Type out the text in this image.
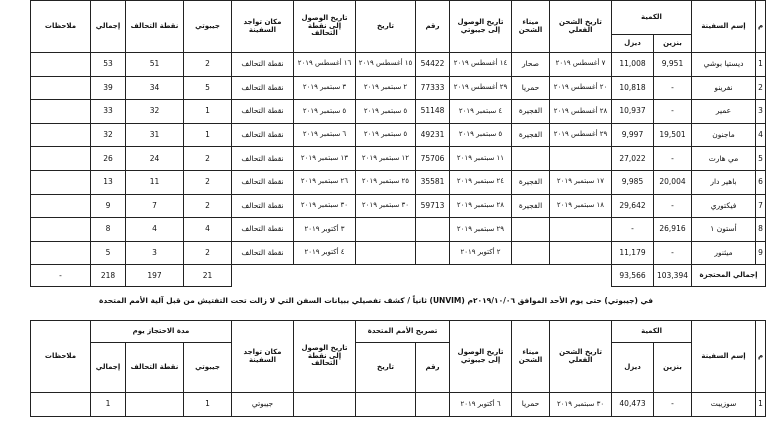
ملاحظات	إجمالي	نقطة التحالف	جيبوتي	مكان تواجد السفينة	تاريخ الوصول إلى نقطة التحالف	تاريخ	رقم	تاريخ الوصول إلى جيبوتي	ميناء الشحن	تاريخ الشحن الفعلي	الكمية		إسم السفينة	م
											ديزل	بنزين		
	53	51	2	نقطة التحالف	١٦ أغسطس ٢٠١٩	١٥ أغسطس ٢٠١٩	54422	١٤ أغسطس ٢٠١٩	صحار	٧ أغسطس ٢٠١٩	11,008	9,951	ديستيا بوشي	1
	39	34	5	نقطة التحالف	٣ سبتمبر ٢٠١٩	٢ سبتمبر ٢٠١٩	77333	٢٩ أغسطس ٢٠١٩	حمريا	٢٠ أغسطس ٢٠١٩	10,818	-	نفرينو	2
	33	32	1	نقطة التحالف	٥ سبتمبر ٢٠١٩	٥ سبتمبر ٢٠١٩	51148	٤ سبتمبر ٢٠١٩	الفجيرة	٢٨ أغسطس ٢٠١٩	10,937	-	عمير	3
	32	31	1	نقطة التحالف	٦ سبتمبر ٢٠١٩	٥ سبتمبر ٢٠١٩	49231	٥ سبتمبر ٢٠١٩	الفجيرة	٢٩ أغسطس ٢٠١٩	9,997	19,501	ماجنون	4
	26	24	2	نقطة التحالف	١٣ سبتمبر ٢٠١٩	١٢ سبتمبر ٢٠١٩	75706	١١ سبتمبر ٢٠١٩			27,022	-	مي هارت	5
	13	11	2	نقطة التحالف	٢٦ سبتمبر ٢٠١٩	٢٥ سبتمبر ٢٠١٩	35581	٢٤ سبتمبر ٢٠١٩	الفجيرة	١٧ سبتمبر ٢٠١٩	9,985	20,004	باهير دار	6
	9	7	2	نقطة التحالف	٣٠ سبتمبر ٢٠١٩	٣٠ سبتمبر ٢٠١٩	59713	٢٨ سبتمبر ٢٠١٩	الفجيرة	١٨ سبتمبر ٢٠١٩	29,642	-	فيكتوري	7
	8	4	4	نقطة التحالف	٣ أكتوبر ٢٠١٩			٢٩ سبتمبر ٢٠١٩			-	26,916	أستون ١	8
	5	3	2	نقطة التحالف	٤ أكتوبر ٢٠١٩			٢ أكتوبر ٢٠١٩			11,179	-	ميثنور	9
-	218	197	21								93,566	103,394	إجمالي المحتجزة	
ثانياً / كشف تفصيلي ببيانات السفن التي لا زالت تحت التفتيش من قبل آلية الأمم المتحدة (UNVIM) في (جيبوتي) حتى يوم الأحد الموافق ٢٠١٩/١٠/٠٦م
ملاحظات	مدة الاحتجاز يوم			مكان تواجد السفينة	تاريخ الوصول إلى نقطة التحالف	تصريح الأمم المتحدة		تاريخ الوصول إلى جيبوتي	ميناء الشحن	تاريخ الشحن الفعلي	الكمية		إسم السفينة	م
	إجمالي	نقطة التحالف	جيبوتي			تاريخ	رقم				ديزل	بنزين		
	1		1	جيبوتي				٦ أكتوبر ٢٠١٩	حمريا	٣٠ سبتمبر ٢٠١٩	40,473	-	سوزيبت	1
